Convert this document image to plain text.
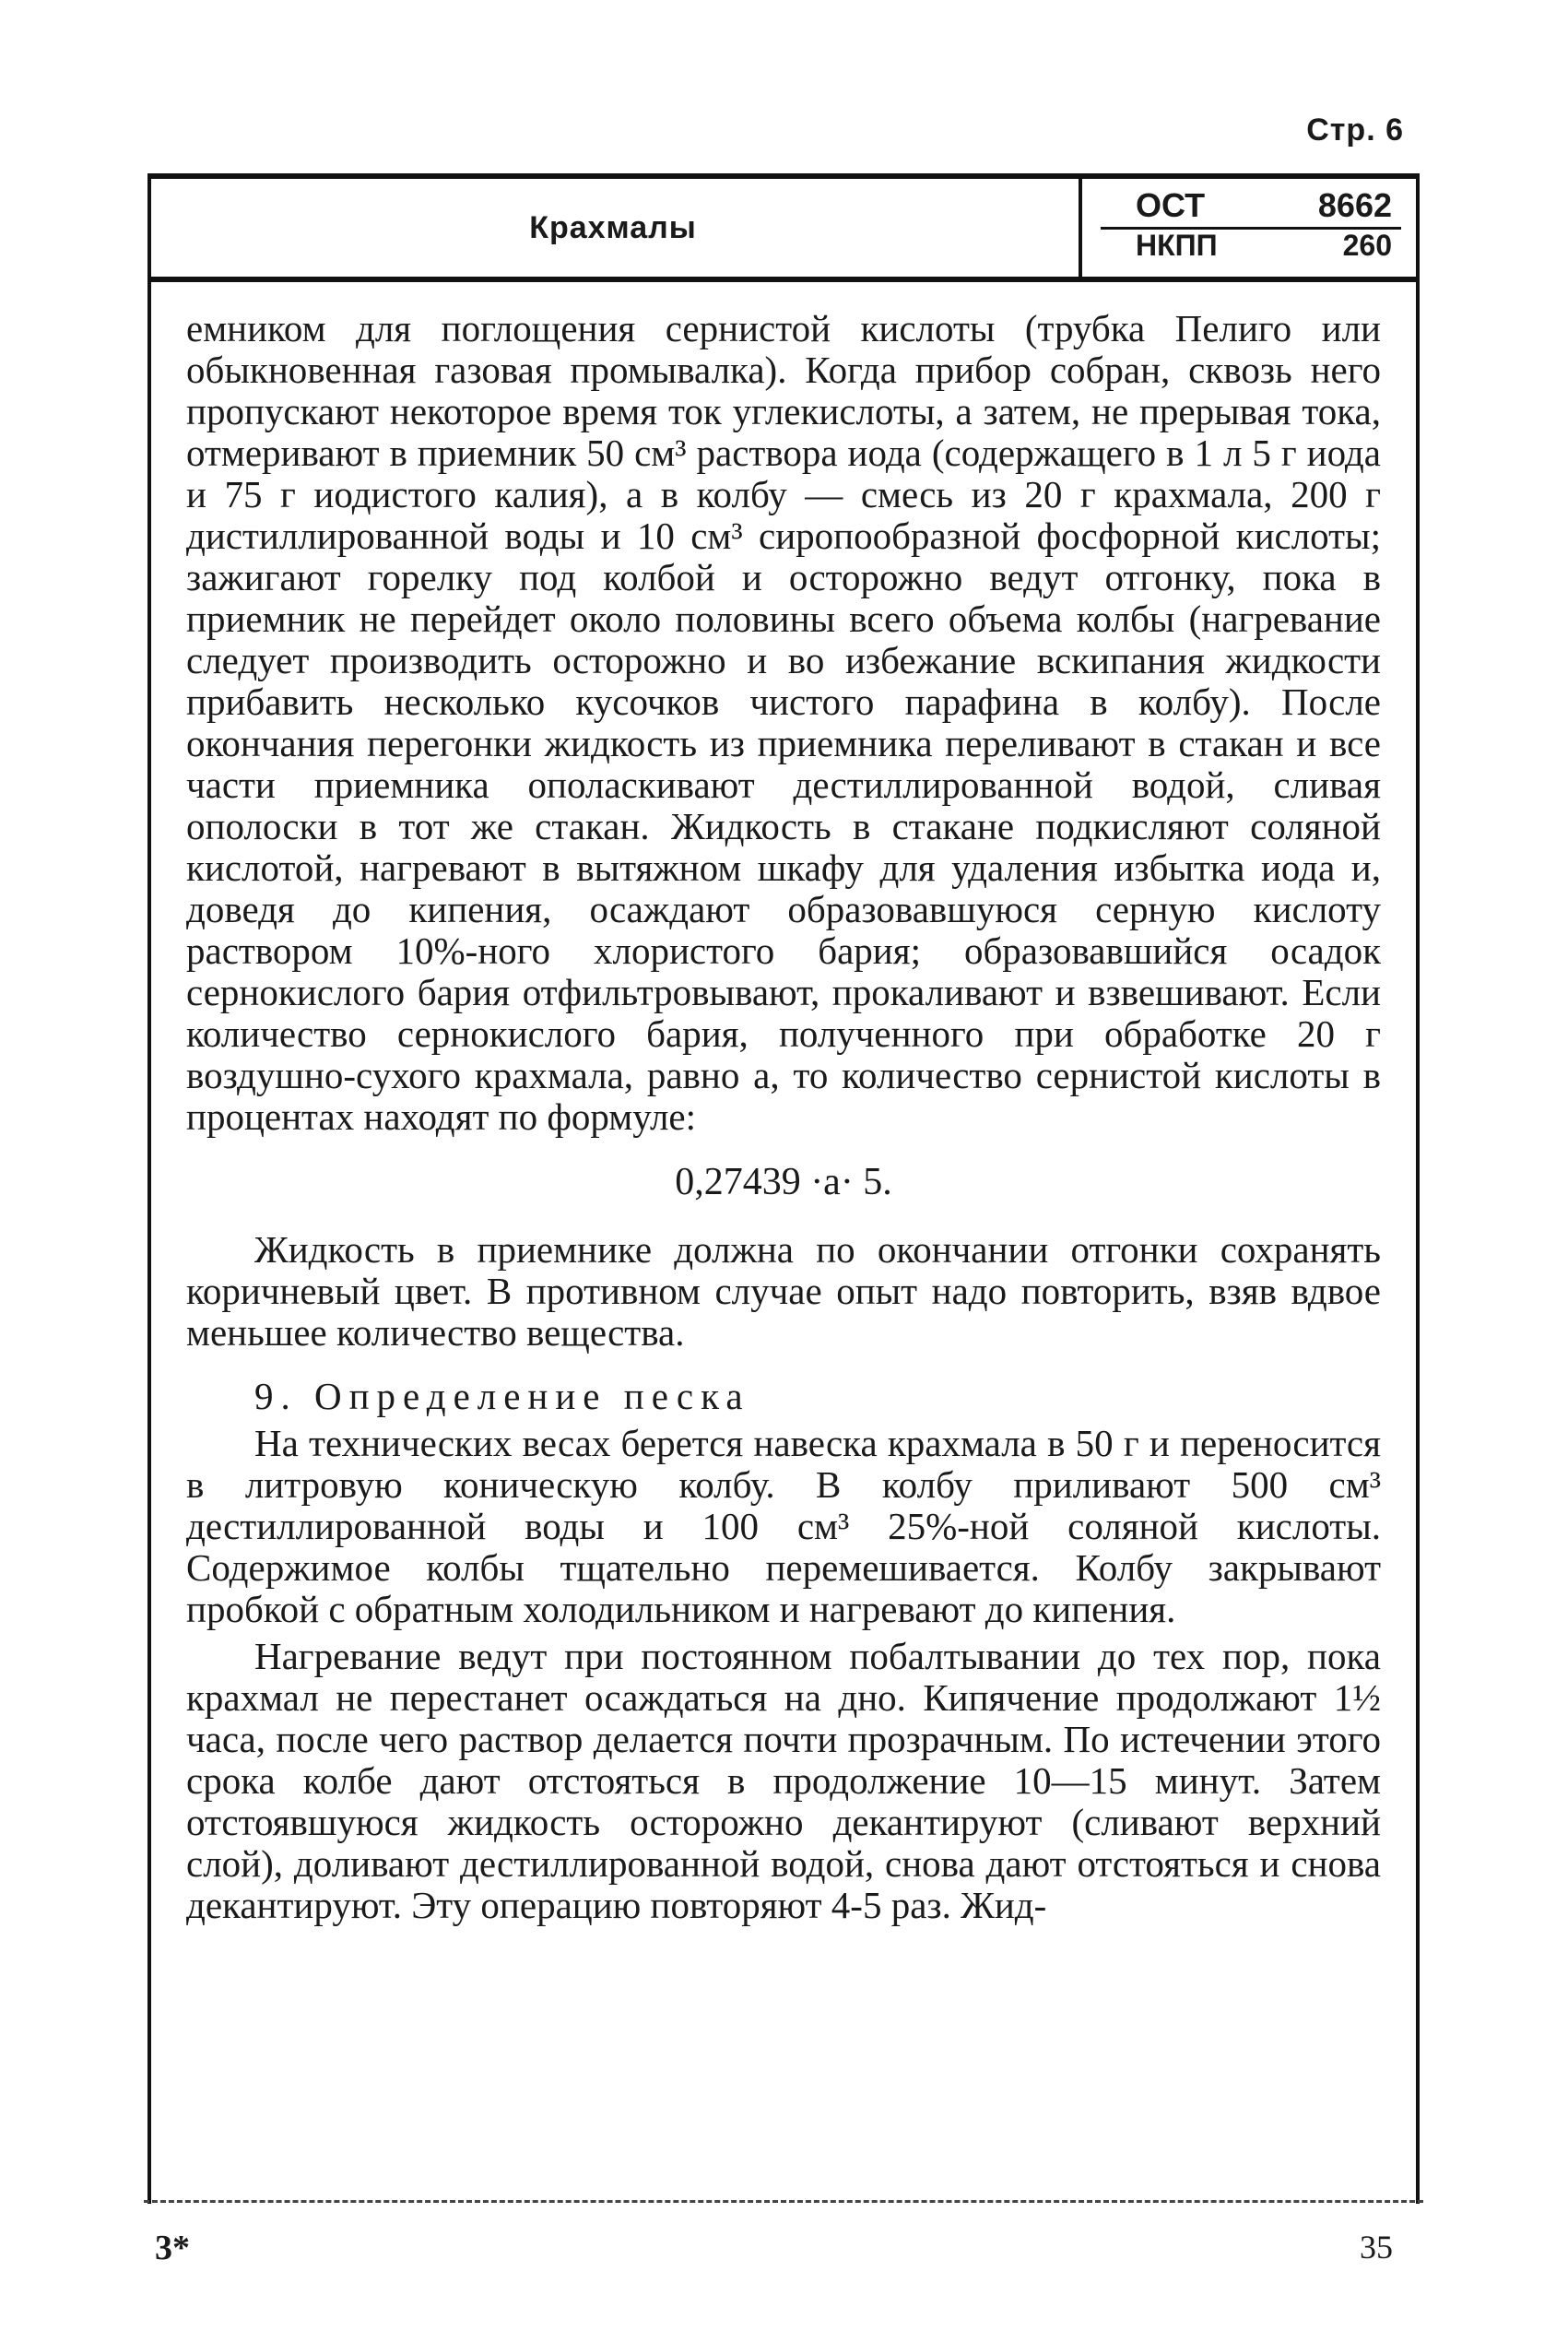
Стр. 6
Крахмалы
ОСТ	8662
НКПП	260

емником для поглощения сернистой кислоты (трубка Пелиго или обыкновенная газовая промывалка). Когда прибор собран, сквозь него пропускают некоторое время ток углекислоты, а затем, не прерывая тока, отмеривают в приемник 50 см³ раствора иода (содержащего в 1 л 5 г иода и 75 г иодистого калия), а в колбу — смесь из 20 г крахмала, 200 г дистиллированной воды и 10 см³ сиропообразной фосфорной кислоты; зажигают горелку под колбой и осторожно ведут отгонку, пока в приемник не перейдет около половины всего объема колбы (нагревание следует производить осторожно и во избежание вскипания жидкости прибавить несколько кусочков чистого парафина в колбу). После окончания перегонки жидкость из приемника переливают в стакан и все части приемника ополаскивают дестиллированной водой, сливая ополоски в тот же стакан. Жидкость в стакане подкисляют соляной кислотой, нагревают в вытяжном шкафу для удаления избытка иода и, доведя до кипения, осаждают образовавшуюся серную кислоту раствором 10%-ного хлористого бария; образовавшийся осадок сернокислого бария отфильтровывают, прокаливают и взвешивают. Если количество сернокислого бария, полученного при обработке 20 г воздушно-сухого крахмала, равно а, то количество сернистой кислоты в процентах находят по формуле:

0,27439 ·а· 5.

Жидкость в приемнике должна по окончании отгонки сохранять коричневый цвет. В противном случае опыт надо повторить, взяв вдвое меньшее количество вещества.

9. Определение песка

На технических весах берется навеска крахмала в 50 г и переносится в литровую коническую колбу. В колбу приливают 500 см³ дестиллированной воды и 100 см³ 25%-ной соляной кислоты. Содержимое колбы тщательно перемешивается. Колбу закрывают пробкой с обратным холодильником и нагревают до кипения.

Нагревание ведут при постоянном побалтывании до тех пор, пока крахмал не перестанет осаждаться на дно. Кипячение продолжают 1½ часа, после чего раствор делается почти прозрачным. По истечении этого срока колбе дают отстояться в продолжение 10—15 минут. Затем отстоявшуюся жидкость осторожно декантируют (сливают верхний слой), доливают дестиллированной водой, снова дают отстояться и снова декантируют. Эту операцию повторяют 4-5 раз. Жид-

3*	35
